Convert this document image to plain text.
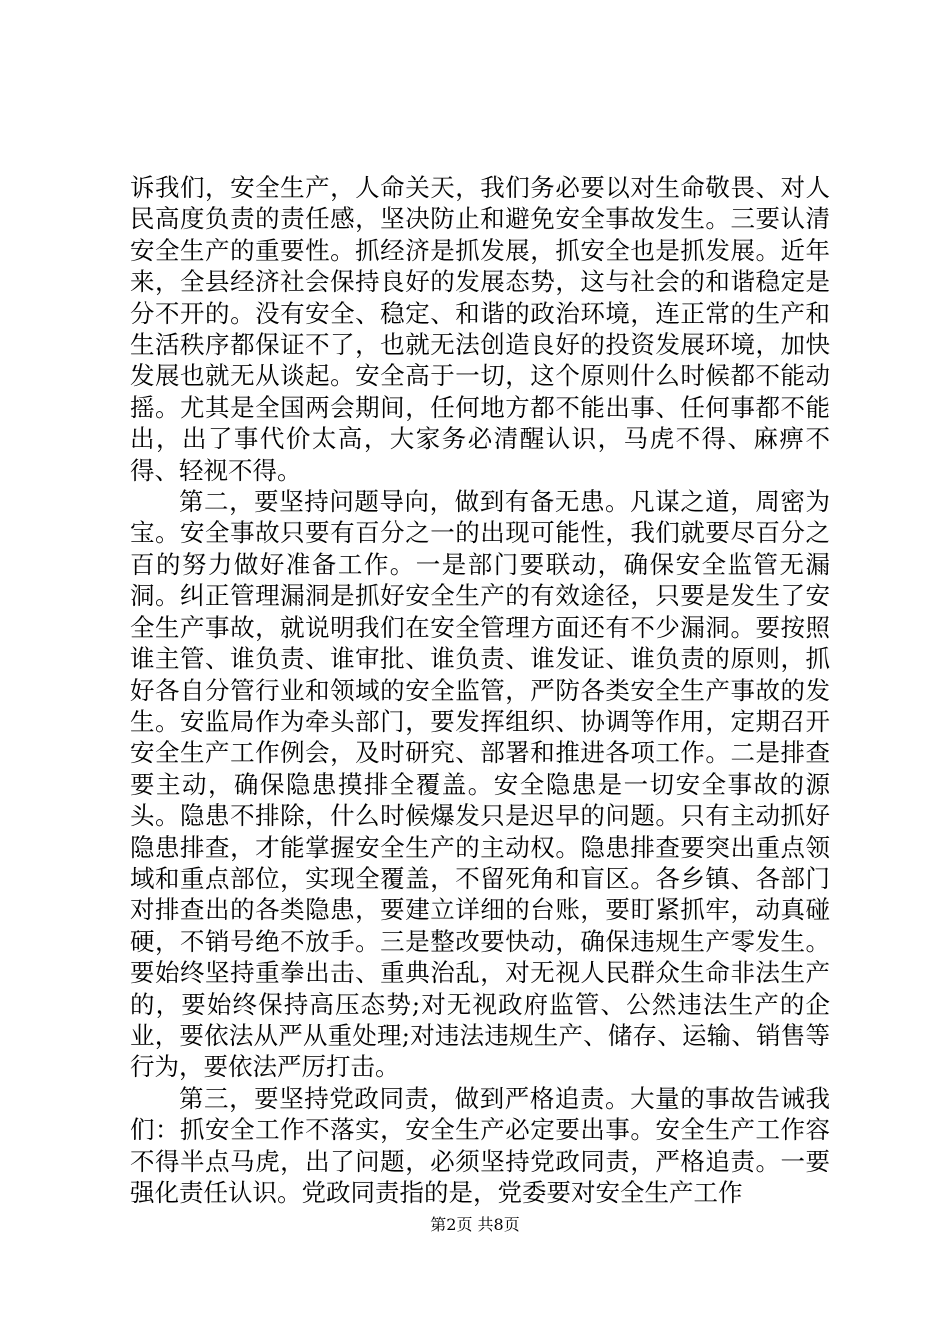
诉我们，安全生产，人命关天，我们务必要以对生命敬畏、对人民高度负责的责任感，坚决防止和避免安全事故发生。三要认清安全生产的重要性。抓经济是抓发展，抓安全也是抓发展。近年来，全县经济社会保持良好的发展态势，这与社会的和谐稳定是分不开的。没有安全、稳定、和谐的政治环境，连正常的生产和生活秩序都保证不了，也就无法创造良好的投资发展环境，加快发展也就无从谈起。安全高于一切，这个原则什么时候都不能动摇。尤其是全国两会期间，任何地方都不能出事、任何事都不能出，出了事代价太高，大家务必清醒认识，马虎不得、麻痹不得、轻视不得。

第二，要坚持问题导向，做到有备无患。凡谋之道，周密为宝。安全事故只要有百分之一的出现可能性，我们就要尽百分之百的努力做好准备工作。一是部门要联动，确保安全监管无漏洞。纠正管理漏洞是抓好安全生产的有效途径，只要是发生了安全生产事故，就说明我们在安全管理方面还有不少漏洞。要按照谁主管、谁负责、谁审批、谁负责、谁发证、谁负责的原则，抓好各自分管行业和领域的安全监管，严防各类安全生产事故的发生。安监局作为牵头部门，要发挥组织、协调等作用，定期召开安全生产工作例会，及时研究、部署和推进各项工作。二是排查要主动，确保隐患摸排全覆盖。安全隐患是一切安全事故的源头。隐患不排除，什么时候爆发只是迟早的问题。只有主动抓好隐患排查，才能掌握安全生产的主动权。隐患排查要突出重点领域和重点部位，实现全覆盖，不留死角和盲区。各乡镇、各部门对排查出的各类隐患，要建立详细的台账，要盯紧抓牢，动真碰硬，不销号绝不放手。三是整改要快动，确保违规生产零发生。要始终坚持重拳出击、重典治乱，对无视人民群众生命非法生产的，要始终保持高压态势;对无视政府监管、公然违法生产的企业，要依法从严从重处理;对违法违规生产、储存、运输、销售等行为，要依法严厉打击。

第三，要坚持党政同责，做到严格追责。大量的事故告诫我们：抓安全工作不落实，安全生产必定要出事。安全生产工作容不得半点马虎，出了问题，必须坚持党政同责，严格追责。一要强化责任认识。党政同责指的是，党委要对安全生产工作

第2页 共8页
